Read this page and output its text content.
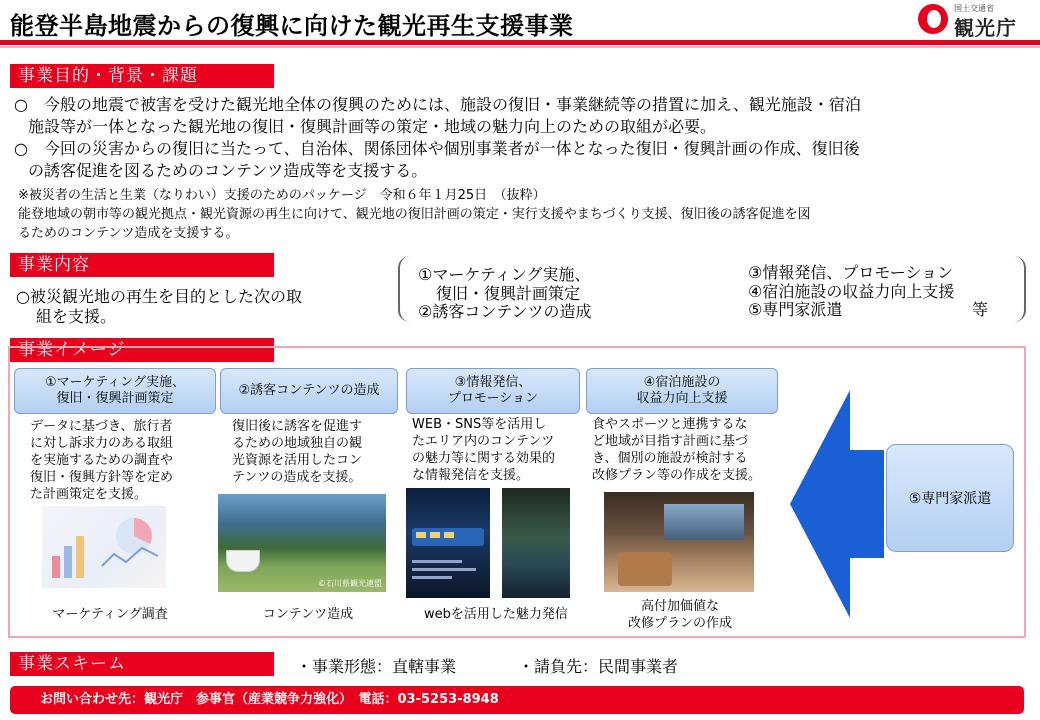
能登半島地震からの復興に向けた観光再生支援事業
国土交通省
観光庁
事業目的・背景・課題
○　今般の地震で被害を受けた観光地全体の復興のためには、施設の復旧・事業継続等の措置に加え、観光施設・宿泊
施設等が一体となった観光地の復旧・復興計画等の策定・地域の魅力向上のための取組が必要。
○　今回の災害からの復旧に当たって、自治体、関係団体や個別事業者が一体となった復旧・復興計画の作成、復旧後
の誘客促進を図るためのコンテンツ造成等を支援する。
※被災者の生活と生業（なりわい）支援のためのパッケージ　令和６年１月25日　（抜粋）
能登地域の朝市等の観光拠点・観光資源の再生に向けて、観光地の復旧計画の策定・実行支援やまちづくり支援、復旧後の誘客促進を図
るためのコンテンツ造成を支援する。
事業内容
○被災観光地の再生を目的とした次の取
組を支援。
①マーケティング実施、
復旧・復興計画策定
②誘客コンテンツの造成
③情報発信、プロモーション
④宿泊施設の収益力向上支援
⑤専門家派遣	等
事業イメージ
①マーケティング実施、
復旧・復興計画策定
データに基づき、旅行者
に対し訴求力のある取組
を実施するための調査や
復旧・復興方針等を定め
た計画策定を支援。
マーケティング調査
②誘客コンテンツの造成
復旧後に誘客を促進す
るための地域独自の観
光資源を活用したコン
テンツの造成を支援。
©石川県観光連盟
コンテンツ造成
③情報発信、
プロモーション
WEB・SNS等を活用し
たエリア内のコンテンツ
の魅力等に関する効果的
な情報発信を支援。
webを活用した魅力発信
④宿泊施設の
収益力向上支援
食やスポーツと連携するな
ど地域が目指す計画に基づ
き、個別の施設が検討する
改修プラン等の作成を支援。
高付加価値な
改修プランの作成
⑤専門家派遣
事業スキーム	・事業形態：直轄事業	・請負先：民間事業者
お問い合わせ先：観光庁　参事官（産業競争力強化）　電話：03-5253-8948
